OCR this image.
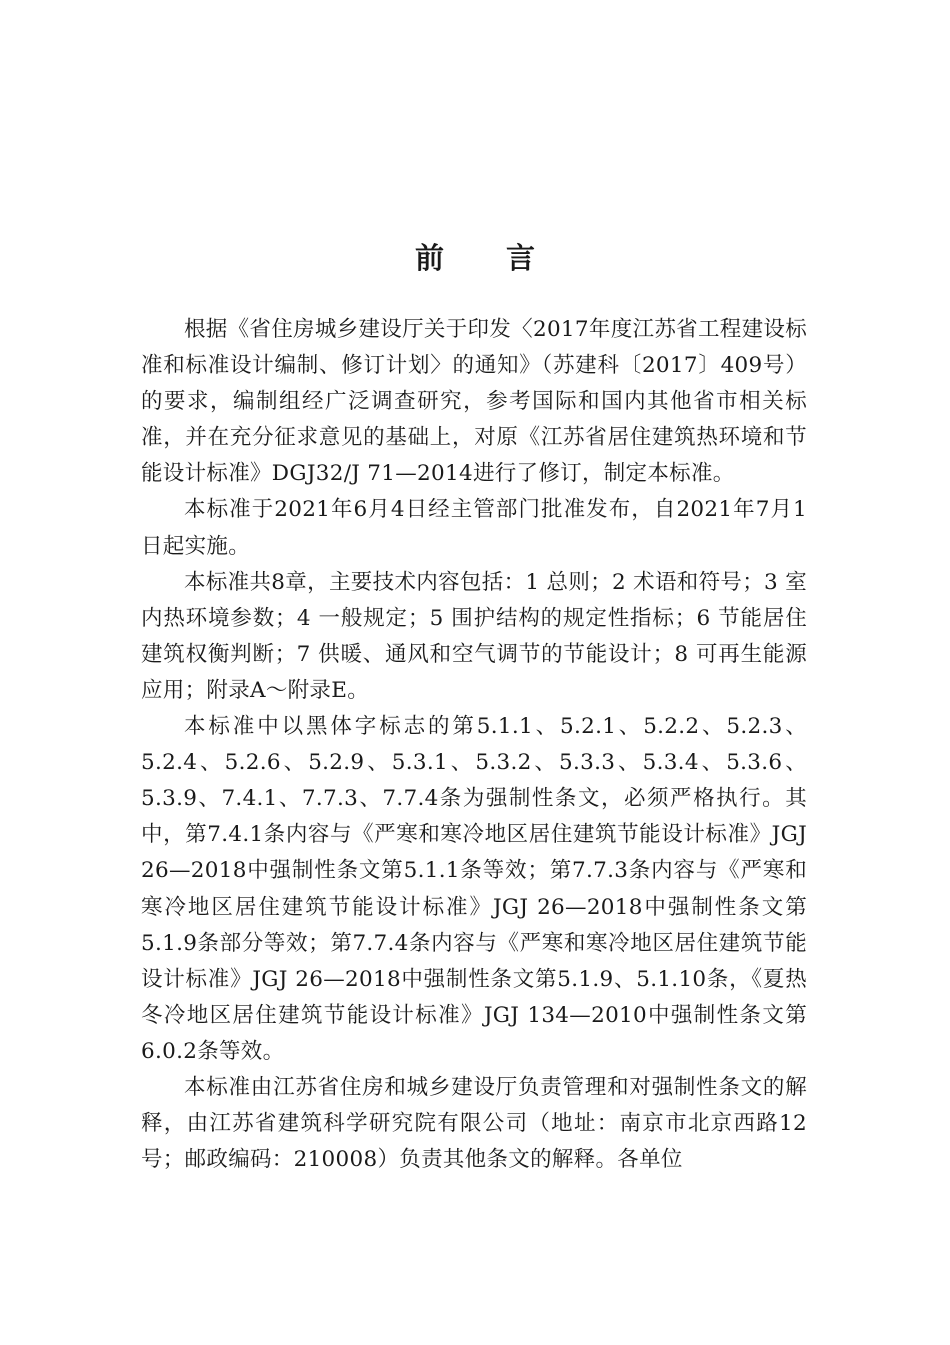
前 言

根据《省住房城乡建设厅关于印发〈2017年度江苏省工程建设标准和标准设计编制、修订计划〉的通知》（苏建科〔2017〕409号）的要求，编制组经广泛调查研究，参考国际和国内其他省市相关标准，并在充分征求意见的基础上，对原《江苏省居住建筑热环境和节能设计标准》DGJ32/J 71—2014进行了修订，制定本标准。

本标准于2021年6月4日经主管部门批准发布，自2021年7月1日起实施。

本标准共8章，主要技术内容包括：1 总则；2 术语和符号；3 室内热环境参数；4 一般规定；5 围护结构的规定性指标；6 节能居住建筑权衡判断；7 供暖、通风和空气调节的节能设计；8 可再生能源应用；附录A～附录E。

本标准中以黑体字标志的第5.1.1、5.2.1、5.2.2、5.2.3、5.2.4、5.2.6、5.2.9、5.3.1、5.3.2、5.3.3、5.3.4、5.3.6、5.3.9、7.4.1、7.7.3、7.7.4条为强制性条文，必须严格执行。其中，第7.4.1条内容与《严寒和寒冷地区居住建筑节能设计标准》JGJ 26—2018中强制性条文第5.1.1条等效；第7.7.3条内容与《严寒和寒冷地区居住建筑节能设计标准》JGJ 26—2018中强制性条文第5.1.9条部分等效；第7.7.4条内容与《严寒和寒冷地区居住建筑节能设计标准》JGJ 26—2018中强制性条文第5.1.9、5.1.10条，《夏热冬冷地区居住建筑节能设计标准》JGJ 134—2010中强制性条文第6.0.2条等效。

本标准由江苏省住房和城乡建设厅负责管理和对强制性条文的解释，由江苏省建筑科学研究院有限公司（地址：南京市北京西路12号；邮政编码：210008）负责其他条文的解释。各单位
